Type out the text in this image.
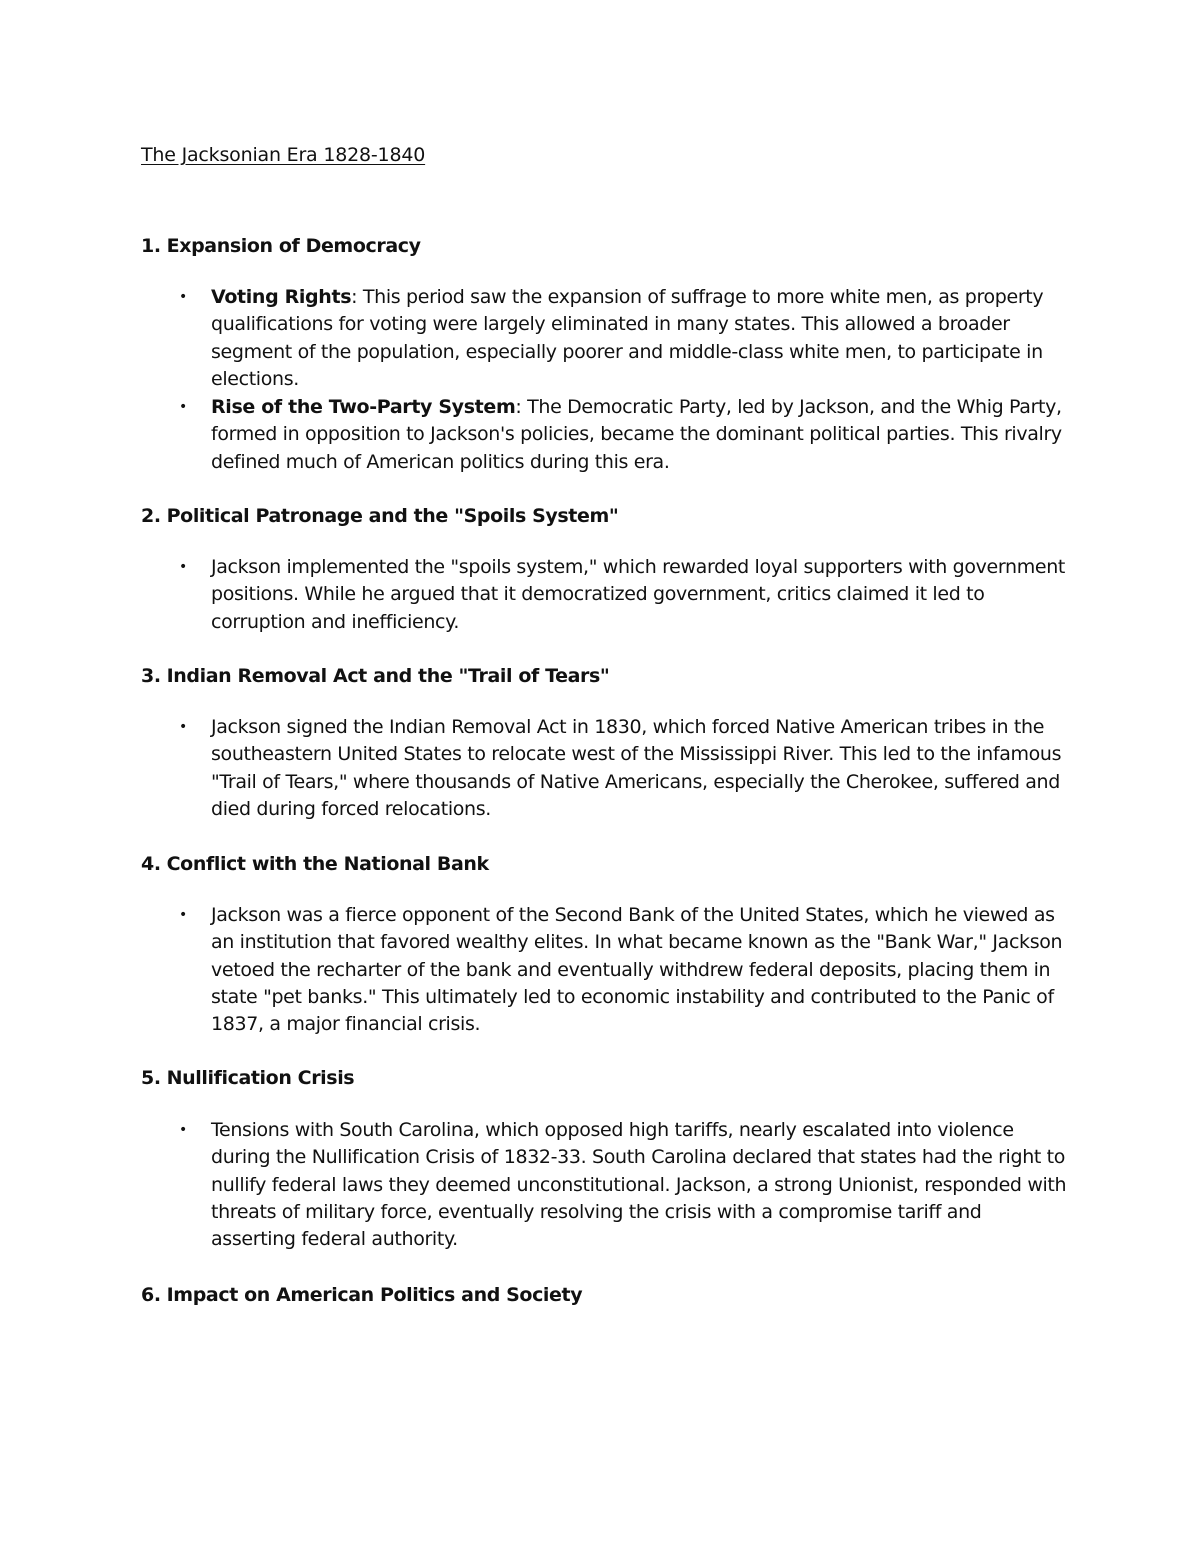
The Jacksonian Era 1828-1840
1. Expansion of Democracy
• Voting Rights: This period saw the expansion of suffrage to more white men, as property qualifications for voting were largely eliminated in many states. This allowed a broader segment of the population, especially poorer and middle-class white men, to participate in elections.
• Rise of the Two-Party System: The Democratic Party, led by Jackson, and the Whig Party, formed in opposition to Jackson's policies, became the dominant political parties. This rivalry defined much of American politics during this era.
2. Political Patronage and the "Spoils System"
• Jackson implemented the "spoils system," which rewarded loyal supporters with government positions. While he argued that it democratized government, critics claimed it led to corruption and inefficiency.
3. Indian Removal Act and the "Trail of Tears"
• Jackson signed the Indian Removal Act in 1830, which forced Native American tribes in the southeastern United States to relocate west of the Mississippi River. This led to the infamous "Trail of Tears," where thousands of Native Americans, especially the Cherokee, suffered and died during forced relocations.
4. Conflict with the National Bank
• Jackson was a fierce opponent of the Second Bank of the United States, which he viewed as an institution that favored wealthy elites. In what became known as the "Bank War," Jackson vetoed the recharter of the bank and eventually withdrew federal deposits, placing them in state "pet banks." This ultimately led to economic instability and contributed to the Panic of 1837, a major financial crisis.
5. Nullification Crisis
• Tensions with South Carolina, which opposed high tariffs, nearly escalated into violence during the Nullification Crisis of 1832-33. South Carolina declared that states had the right to nullify federal laws they deemed unconstitutional. Jackson, a strong Unionist, responded with threats of military force, eventually resolving the crisis with a compromise tariff and asserting federal authority.
6. Impact on American Politics and Society
